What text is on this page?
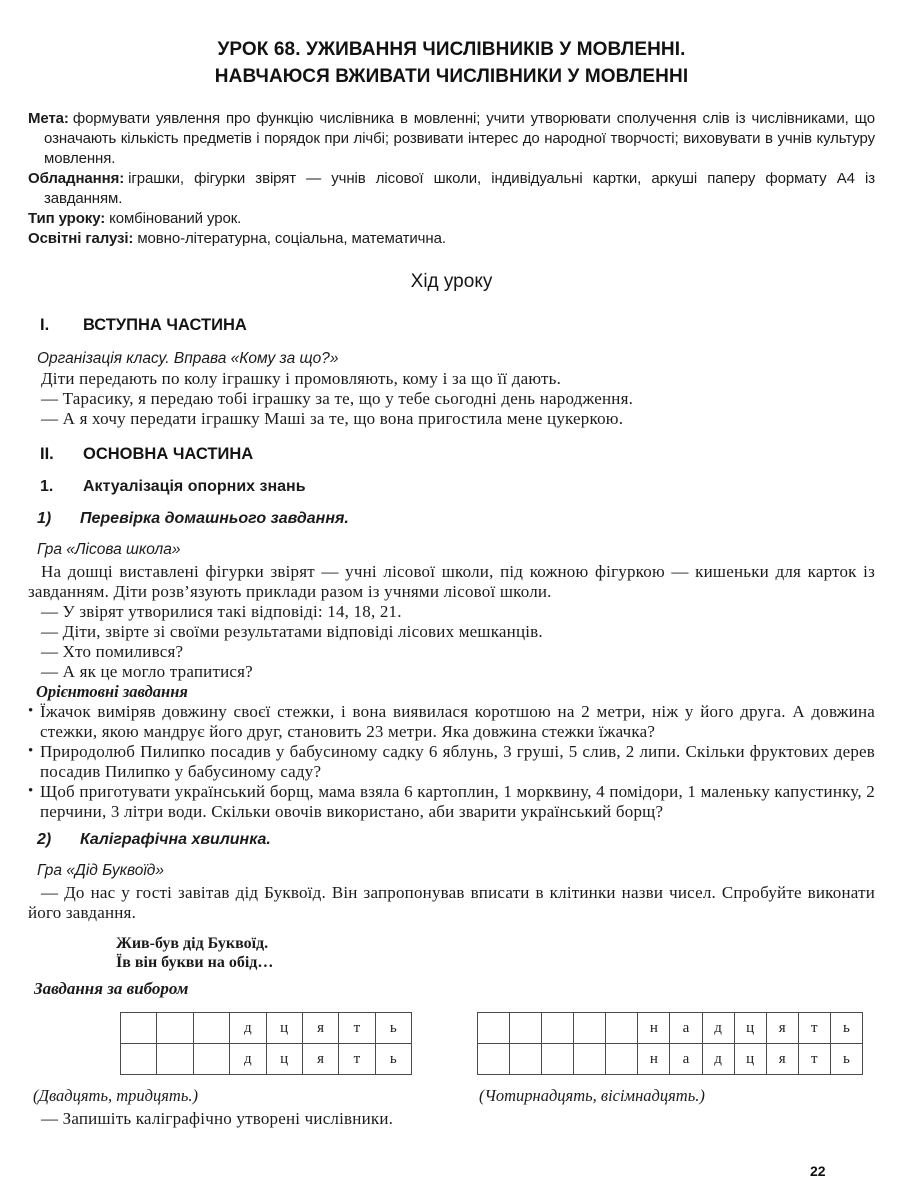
УРОК 68. УЖИВАННЯ ЧИСЛІВНИКІВ У МОВЛЕННІ.
НАВЧАЮСЯ ВЖИВАТИ ЧИСЛІВНИКИ У МОВЛЕННІ

Мета: формувати уявлення про функцію числівника в мовленні; учити утворювати сполучення слів із числівниками, що означають кількість предметів і порядок при лічбі; розвивати інтерес до народної творчості; виховувати в учнів культуру мовлення.

Обладнання: іграшки, фігурки звірят — учнів лісової школи, індивідуальні картки, аркуші паперу формату А4 із завданням.

Тип уроку: комбінований урок.

Освітні галузі: мовно-літературна, соціальна, математична.

Хід уроку
I. ВСТУПНА ЧАСТИНА

Організація класу. Вправа «Кому за що?»

Діти передають по колу іграшку і промовляють, кому і за що її дають.

— Тарасику, я передаю тобі іграшку за те, що у тебе сьогодні день народження.

— А я хочу передати іграшку Маші за те, що вона пригостила мене цукеркою.

II. ОСНОВНА ЧАСТИНА
1. Актуалізація опорних знань
1) Перевірка домашнього завдання.

Гра «Лісова школа»

На дошці виставлені фігурки звірят — учні лісової школи, під кожною фігуркою — кишеньки для карток із завданням. Діти розв’язують приклади разом із учнями лісової школи.

— У звірят утворилися такі відповіді: 14, 18, 21.

— Діти, звірте зі своїми результатами відповіді лісових мешканців.

— Хто помилився?

— А як це могло трапитися?

Орієнтовні завдання

• Їжачок виміряв довжину своєї стежки, і вона виявилася коротшою на 2 метри, ніж у його друга. А довжина стежки, якою мандрує його друг, становить 23 метри. Яка довжина стежки їжачка?
• Природолюб Пилипко посадив у бабусиному садку 6 яблунь, 3 груші, 5 слив, 2 липи. Скільки фруктових дерев посадив Пилипко у бабусиному саду?
• Щоб приготувати український борщ, мама взяла 6 картоплин, 1 морквину, 4 помідори, 1 маленьку капустинку, 2 перчини, 3 літри води. Скільки овочів використано, аби зварити український борщ?
2) Каліграфічна хвилинка.

Гра «Дід Буквоїд»

— До нас у гості завітав дід Буквоїд. Він запропонував вписати в клітинки назви чисел. Спробуйте виконати його завдання.

Жив-був дід Буквоїд.

Їв він букви на обід…

Завдання за вибором

			д	ц	я	т	ь
			д	ц	я	т	ь
					н	а	д	ц	я	т	ь
					н	а	д	ц	я	т	ь
(Двадцять, тридцять.)	(Чотирнадцять, вісімнадцять.)

— Запишіть каліграфічно утворені числівники.

22
